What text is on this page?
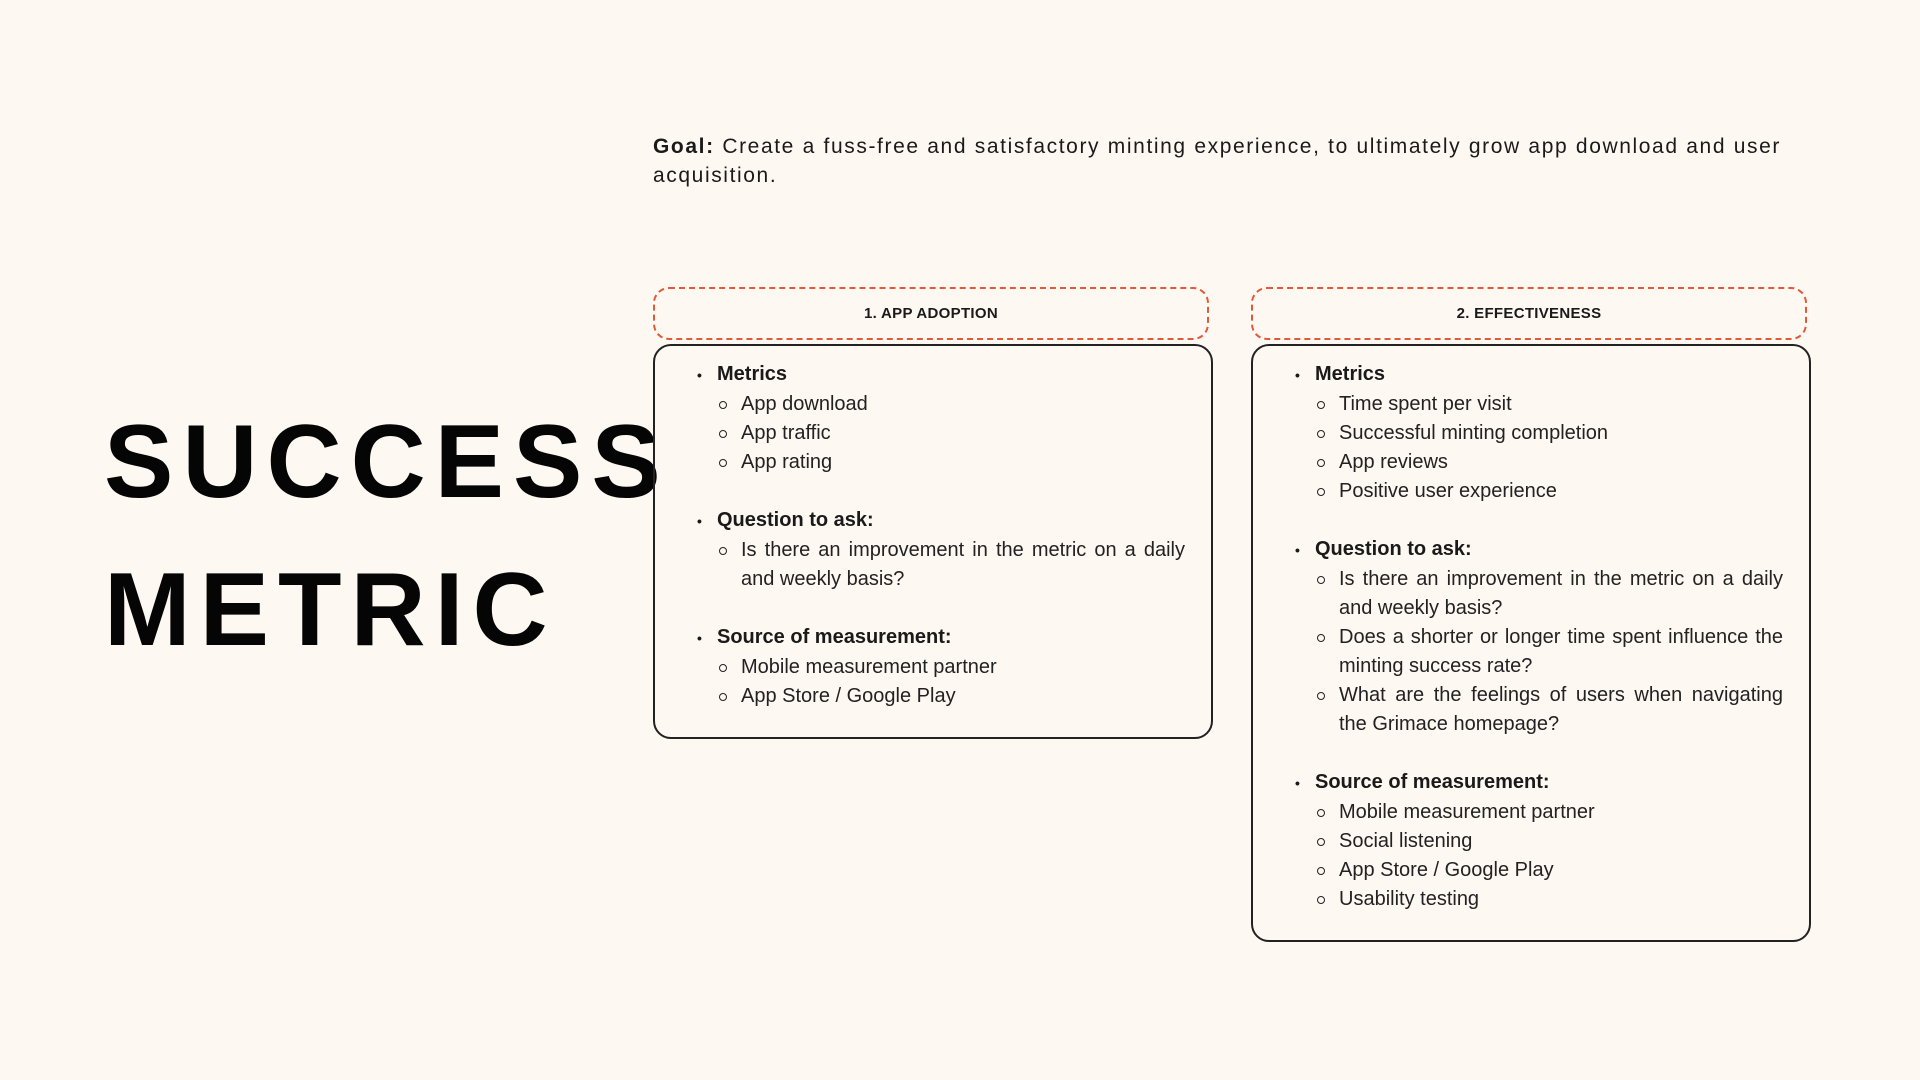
SUCCESS
METRIC

Goal: Create a fuss-free and satisfactory minting experience, to ultimately grow app download and user acquisition.

1. APP ADOPTION
• Metrics
App download
App traffic
App rating
• Question to ask:
Is there an improvement in the metric on a daily and weekly basis?
• Source of measurement:
Mobile measurement partner
App Store / Google Play
2. EFFECTIVENESS
• Metrics
Time spent per visit
Successful minting completion
App reviews
Positive user experience
• Question to ask:
Is there an improvement in the metric on a daily and weekly basis?
Does a shorter or longer time spent influence the minting success rate?
What are the feelings of users when navigating the Grimace homepage?
• Source of measurement:
Mobile measurement partner
Social listening
App Store / Google Play
Usability testing
